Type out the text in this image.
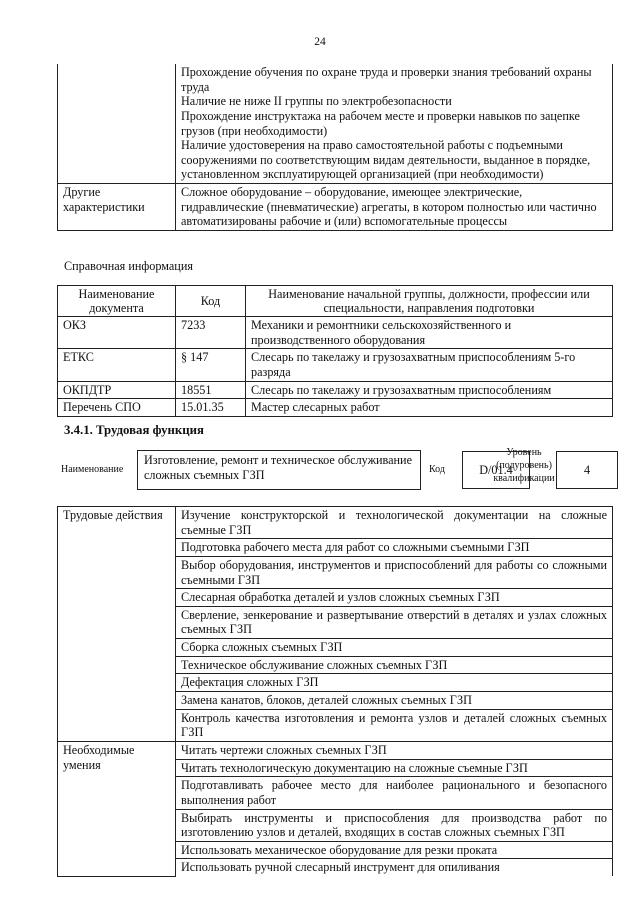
24

	Прохождение обучения по охране труда и проверки знания требований охраны труда
Наличие не ниже II группы по электробезопасности
Прохождение инструктажа на рабочем месте и проверки навыков по зацепке грузов (при необходимости)
Наличие удостоверения на право самостоятельной работы с подъемными сооружениями по соответствующим видам деятельности, выданное в порядке, установленном эксплуатирующей организацией (при необходимости)

Другие характеристики	Сложное оборудование – оборудование, имеющее электрические, гидравлические (пневматические) агрегаты, в котором полностью или частично автоматизированы рабочие и (или) вспомогательные процессы
Справочная информация
Наименование документа	Код	Наименование начальной группы, должности, профессии или специальности, направления подготовки
ОКЗ	7233	Механики и ремонтники сельскохозяйственного и производственного оборудования
ЕТКС	§ 147	Слесарь по такелажу и грузозахватным приспособлениям 5-го разряда
ОКПДТР	18551	Слесарь по такелажу и грузозахватным приспособлениям
Перечень СПО	15.01.35	Мастер слесарных работ
3.4.1. Трудовая функция
Наименование
Изготовление, ремонт и техническое обслуживание сложных съемных ГЗП	Код	D/01.4
Уровень (подуровень) квалификации
4
Трудовые действия	Изучение конструкторской и технологической документации на сложные съемные ГЗП
	Подготовка рабочего места для работ со сложными съемными ГЗП
	Выбор оборудования, инструментов и приспособлений для работы со сложными съемными ГЗП
	Слесарная обработка деталей и узлов сложных съемных ГЗП
	Сверление, зенкерование и развертывание отверстий в деталях и узлах сложных съемных ГЗП
	Сборка сложных съемных ГЗП
	Техническое обслуживание сложных съемных ГЗП
	Дефектация сложных ГЗП
	Замена канатов, блоков, деталей сложных съемных ГЗП
	Контроль качества изготовления и ремонта узлов и деталей сложных съемных ГЗП
Необходимые умения	Читать чертежи сложных съемных ГЗП
	Читать технологическую документацию на сложные съемные ГЗП
	Подготавливать рабочее место для наиболее рационального и безопасного выполнения работ
	Выбирать инструменты и приспособления для производства работ по изготовлению узлов и деталей, входящих в состав сложных съемных ГЗП
	Использовать механическое оборудование для резки проката
	Использовать ручной слесарный инструмент для опиливания
